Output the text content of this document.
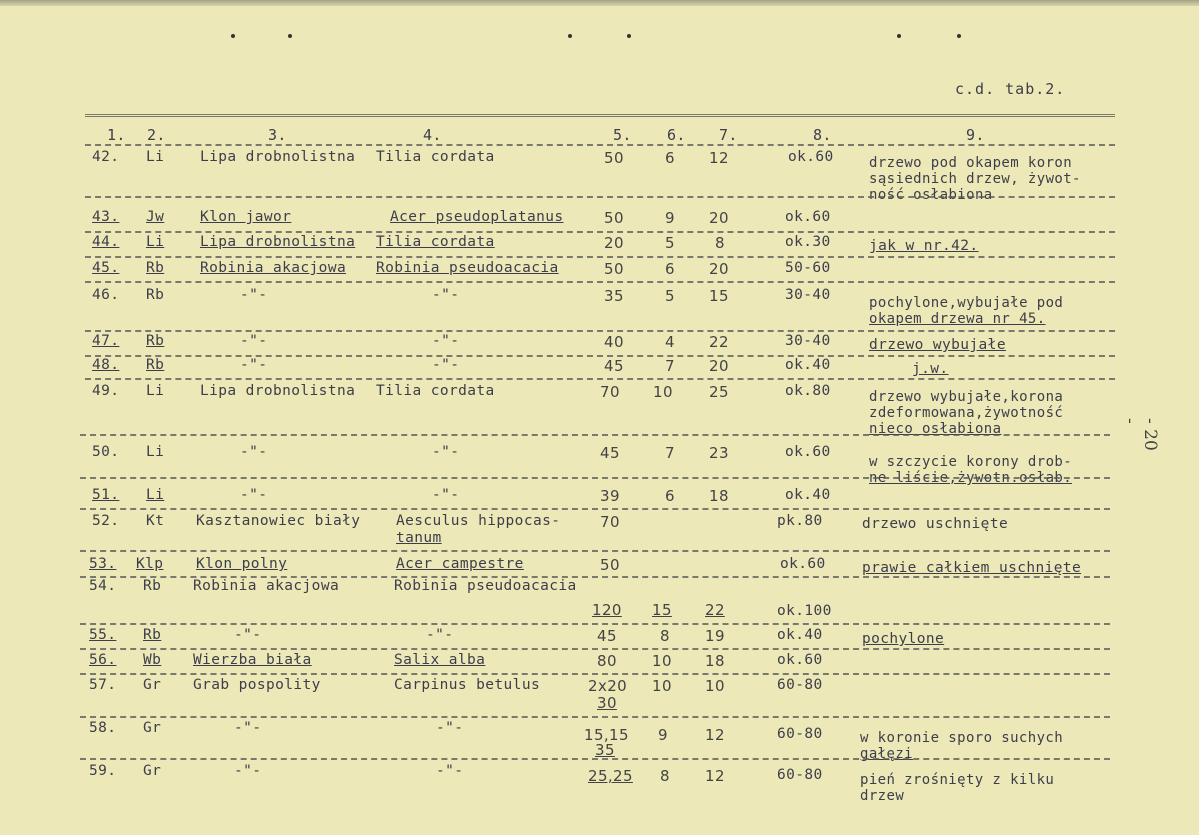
c.d. tab.2.
- 20 -
1. 2.	3.	4.	5. 6. 7.	8.	9.
42. Li Lipa drobnolistna Tilia cordata	50	6 12	ok.60	drzewo pod okapem koron
sąsiednich drzew, żywot-
ność osłabiona
43. Jw Klon jawor	Acer pseudoplatanus	50	9 20	ok.60
44. Li Lipa drobnolistna Tilia cordata	20	5	8	ok.30	jak w nr.42.
45. Rb Robinia akacjowa Robinia pseudoacacia	50	6 20	50-60
46. Rb	-"-	-"-	35	5 15	30-40	pochylone,wybujałe pod
okapem drzewa nr 45.
47. Rb	-"-	-"-	40	4 22	30-40	drzewo wybujałe
48. Rb	-"-	-"-	45	7 20	ok.40	j.w.
49. Li Lipa drobnolistna Tilia cordata	70 10 25	ok.80	drzewo wybujałe,korona
zdeformowana,żywotność
nieco osłabiona
50. Li	-"-	-"-	45	7 23	ok.60
w szczycie korony drob-
ne liście,żywotn.osłab.
51. Li	-"-	-"-	39	6 18	ok.40
52. Kt Kasztanowiec biały Aesculus hippocas-
tanum
70	pk.80	drzewo uschnięte
53. Klp Klon polny	Acer campestre	50	ok.60	prawie całkiem uschnięte
54. Rb Robinia akacjowa	Robinia pseudoacacia
120 15 22	ok.100
55. Rb	-"-	-"-	45	8 19	ok.40	pochylone
56. Wb Wierzba biała	Salix alba	80 10 18	ok.60
57. Gr Grab pospolity	Carpinus betulus	2x20
30
10 10	60-80
58. Gr	-"-	-"-	15,15
35
9 12	60-80	w koronie sporo suchych
gałęzi
59. Gr	-"-	-"-	25,25 8 12	60-80	pień zrośnięty z kilku
drzew
